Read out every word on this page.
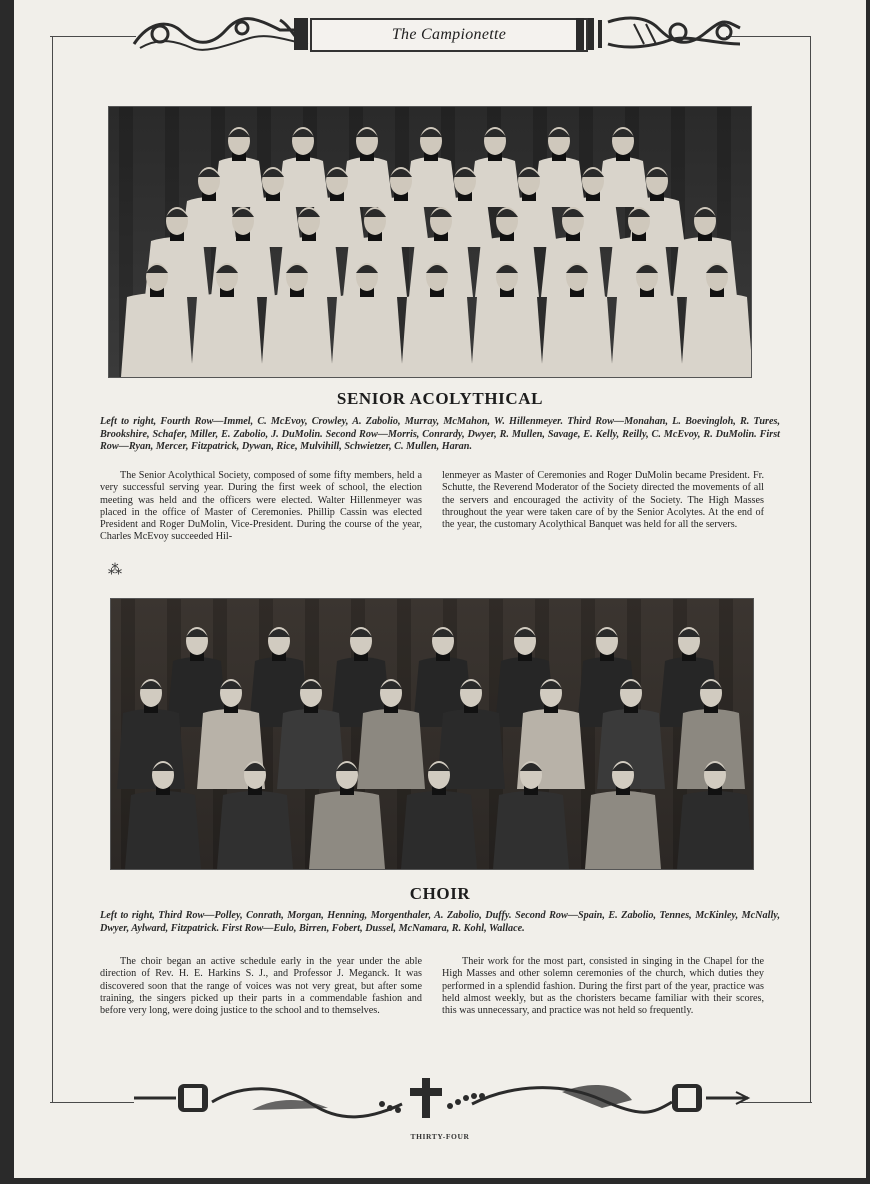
The Campionette
SENIOR ACOLYTHICAL
Left to right, Fourth Row—Immel, C. McEvoy, Crowley, A. Zabolio, Murray, McMahon, W. Hillenmeyer. Third Row—Monahan, L. Boevingloh, R. Tures, Brookshire, Schafer, Miller, E. Zabolio, J. DuMolin. Second Row—Morris, Conrardy, Dwyer, R. Mullen, Savage, E. Kelly, Reilly, C. McEvoy, R. DuMolin. First Row—Ryan, Mercer, Fitzpatrick, Dywan, Rice, Mulvihill, Schwietzer, C. Mullen, Haran.

The Senior Acolythical Society, composed of some fifty members, held a very successful serving year. During the first week of school, the election meeting was held and the officers were elected. Walter Hillenmeyer was placed in the office of Master of Ceremonies. Phillip Cassin was elected President and Roger DuMolin, Vice-President. During the course of the year, Charles McEvoy succeeded Hil-

lenmeyer as Master of Ceremonies and Roger DuMolin became President. Fr. Schutte, the Reverend Moderator of the Society directed the movements of all the servers and encouraged the activity of the Society. The High Masses throughout the year were taken care of by the Senior Acolytes. At the end of the year, the customary Acolythical Banquet was held for all the servers.

⁂
CHOIR
Left to right, Third Row—Polley, Conrath, Morgan, Henning, Morgenthaler, A. Zabolio, Duffy. Second Row—Spain, E. Zabolio, Tennes, McKinley, McNally, Dwyer, Aylward, Fitzpatrick. First Row—Eulo, Birren, Fobert, Dussel, McNamara, R. Kohl, Wallace.

The choir began an active schedule early in the year under the able direction of Rev. H. E. Harkins S. J., and Professor J. Meganck. It was discovered soon that the range of voices was not very great, but after some training, the singers picked up their parts in a commendable fashion and before very long, were doing justice to the school and to themselves.

Their work for the most part, consisted in singing in the Chapel for the High Masses and other solemn ceremonies of the church, which duties they performed in a splendid fashion. During the first part of the year, practice was held almost weekly, but as the choristers became familiar with their scores, this was unnecessary, and practice was not held so frequently.

THIRTY-FOUR
